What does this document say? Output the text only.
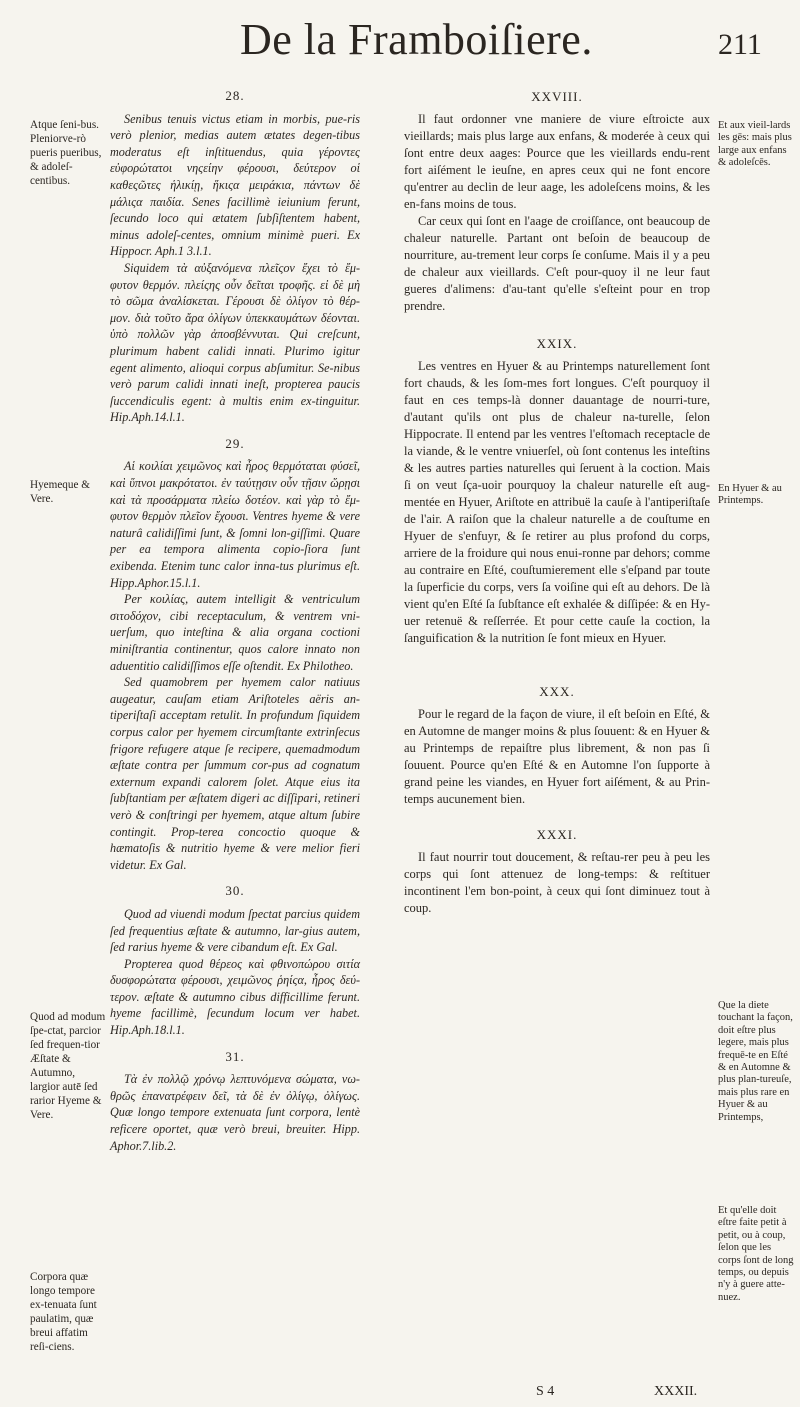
De la Framboiſiere.	211
28.

Senibus tenuis victus etiam in morbis, pue-ris verò plenior, medias autem ætates degen-tibus moderatus eſt inſtituendus, quia γέροντες εὐφορώτατοι νηςείην φέρουσι, δεύτερον οἱ καθεςῶτες ἡλικίῃ, ἥκιςα μειράκια, πάντων δὲ μάλιςα παιδία. Senes facillimè ieiunium ferunt, ſecundo loco qui ætatem ſubſiſtentem habent, minus adoleſ-centes, omnium minimè pueri. Ex Hippocr. Aph.1 3.l.1.

Siquidem τὰ αὐξανόμενα πλεῖςον ἔχει τὸ ἔμ-φυτον θερμόν. πλείςης οὖν δεῖται τροφῆς. εἰ δὲ μὴ τὸ σῶμα ἀναλίσκεται. Γέρουσι δὲ ὀλίγον τὸ θέρ-μον. διὰ τοῦτο ἄρα ὀλίγων ὑπεκκαυμάτων δέονται. ὑπὸ πολλῶν γὰρ ἀποσβέννυται. Qui creſcunt, plurimum habent calidi innati. Plurimo igitur egent alimento, alioqui corpus abſumitur. Se-nibus verò parum calidi innati ineſt, propterea paucis ſuccendiculis egent: à multis enim ex-tinguitur. Hip.Aph.14.l.1.

29.

Αἱ κοιλίαι χειμῶνος καὶ ἦρος θερμόταται φύσεῖ, καὶ ὕπνοι μακρότατοι. ἐν ταύτῃσιν οὖν τῇσιν ὥρῃσι καὶ τὰ προσάρματα πλείω δοτέον. καὶ γὰρ τὸ ἔμ-φυτον θερμὸν πλεῖον ἔχουσι. Ventres hyeme & vere naturâ calidiſſimi ſunt, & ſomni lon-giſſimi. Quare per ea tempora alimenta copio-ſiora ſunt exibenda. Etenim tunc calor inna-tus plurimus eſt. Hipp.Aphor.15.l.1.

Per κοιλίας, autem intelligit & ventriculum σιτοδόχον, cibi receptaculum, & ventrem vni-uerſum, quo inteſtina & alia organa coctioni miniſtrantia continentur, quos calore innato non aduentitio calidiſſimos eſſe oſtendit. Ex Philotheo.

Sed quamobrem per hyemem calor natiuus augeatur, cauſam etiam Ariſtoteles aëris an-tiperiſtaſi acceptam retulit. In profundum ſiquidem corpus calor per hyemem circumſtante extrinſecus frigore refugere atque ſe recipere, quemadmodum æſtate contra per ſummum cor-pus ad cognatum externum expandi calorem ſolet. Atque eius ita ſubſtantiam per æſtatem digeri ac diſſipari, retineri verò & conſtringi per hyemem, atque altum ſubire contingit. Prop-terea concoctio quoque & hæmatoſis & nutritio hyeme & vere melior fieri videtur. Ex Gal.

30.

Quod ad viuendi modum ſpectat parcius quidem ſed frequentius æſtate & autumno, lar-gius autem, ſed rarius hyeme & vere cibandum eſt. Ex Gal.

Propterea quod θέρεος καὶ φθινοπώρου σιτία δυσφορώτατα φέρουσι, χειμῶνος ῥηίςα, ἦρος δεύ-τερον. æſtate & autumno cibus difficillime ferunt. hyeme facillimè, ſecundum locum ver habet. Hip.Aph.18.l.1.

31.

Τὰ ἐν πολλῷ χρόνῳ λεπτυνόμενα σώματα, νω-θρῶς ἐπανατρέφειν δεῖ, τὰ δὲ ἐν ὀλίγῳ, ὀλίγως. Quæ longo tempore extenuata ſunt corpora, lentè reficere oportet, quæ verò breui, breuiter. Hipp. Aphor.7.lib.2.

Atque ſeni-bus. Pleniorve-rò pueris pueribus, & adoleſ-centibus.
Hyemeque & Vere.
Quod ad modum ſpe-ctat, parcior ſed frequen-tior Æſtate & Autumno, largior autē ſed rarior Hyeme & Vere.
Corpora quæ longo tempore ex-tenuata ſunt paulatim, quæ breui affatim reſi-ciens.
XXVIII.

Il faut ordonner vne maniere de viure eſtroicte aux vieillards; mais plus large aux enfans, & moderée à ceux qui ſont entre deux aages: Pource que les vieillards endu-rent fort aiſément le ieuſne, en apres ceux qui ne font encore qu'entrer au declin de leur aage, les adoleſcens moins, & les en-fans moins de tous.

Car ceux qui ſont en l'aage de croiſſance, ont beaucoup de chaleur naturelle. Partant ont beſoin de beaucoup de nourriture, au-trement leur corps ſe conſume. Mais il y a peu de chaleur aux vieillards. C'eſt pour-quoy il ne leur faut gueres d'alimens: d'au-tant qu'elle s'eſteint pour en trop prendre.

XXIX.

Les ventres en Hyuer & au Printemps naturellement ſont fort chauds, & les ſom-mes fort longues. C'eſt pourquoy il faut en ces temps-là donner dauantage de nourri-ture, d'autant qu'ils ont plus de chaleur na-turelle, ſelon Hippocrate. Il entend par les ventres l'eſtomach receptacle de la viande, & le ventre vniuerſel, où ſont contenus les inteſtins & les autres parties naturelles qui ſeruent à la coction. Mais ſi on veut ſça-uoir pourquoy la chaleur naturelle eſt aug-mentée en Hyuer, Ariſtote en attribuë la cauſe à l'antiperiſtaſe de l'air. A raiſon que la chaleur naturelle a de couſtume en Hyuer de s'enfuyr, & ſe retirer au plus profond du corps, arriere de la froidure qui nous enui-ronne par dehors; comme au contraire en Eſté, couſtumierement elle s'eſpand par toute la ſuperficie du corps, vers ſa voiſine qui eſt au dehors. De là vient qu'en Eſté ſa ſubſtance eſt exhalée & diſſipée: & en Hy-uer retenuë & reſſerrée. Et pour cette cauſe la coction, la ſanguification & la nutrition ſe font mieux en Hyuer.

XXX.

Pour le regard de la façon de viure, il eſt beſoin en Eſté, & en Automne de manger moins & plus ſouuent: & en Hyuer & au Printemps de repaiſtre plus librement, & non pas ſi ſouuent. Pource qu'en Eſté & en Automne l'on ſupporte à grand peine les viandes, en Hyuer fort aiſément, & au Prin-temps aucunement bien.

XXXI.

Il faut nourrir tout doucement, & reſtau-rer peu à peu les corps qui ſont attenuez de long-temps: & reſtituer incontinent l'em bon-point, à ceux qui ſont diminuez tout à coup.

Et aux vieil-lards les gēs: mais plus large aux enfans & adoleſcēs.
En Hyuer & au Printemps.
Que la diete touchant la façon, doit eſtre plus legere, mais plus frequē-te en Eſté & en Automne & plus plan-tureuſe, mais plus rare en Hyuer & au Printemps,
Et qu'elle doit eſtre faite petit à petit, ou à coup, ſelon que les corps ſont de long temps, ou depuis n'y à guere atte-nuez.
S 4	XXXII.
